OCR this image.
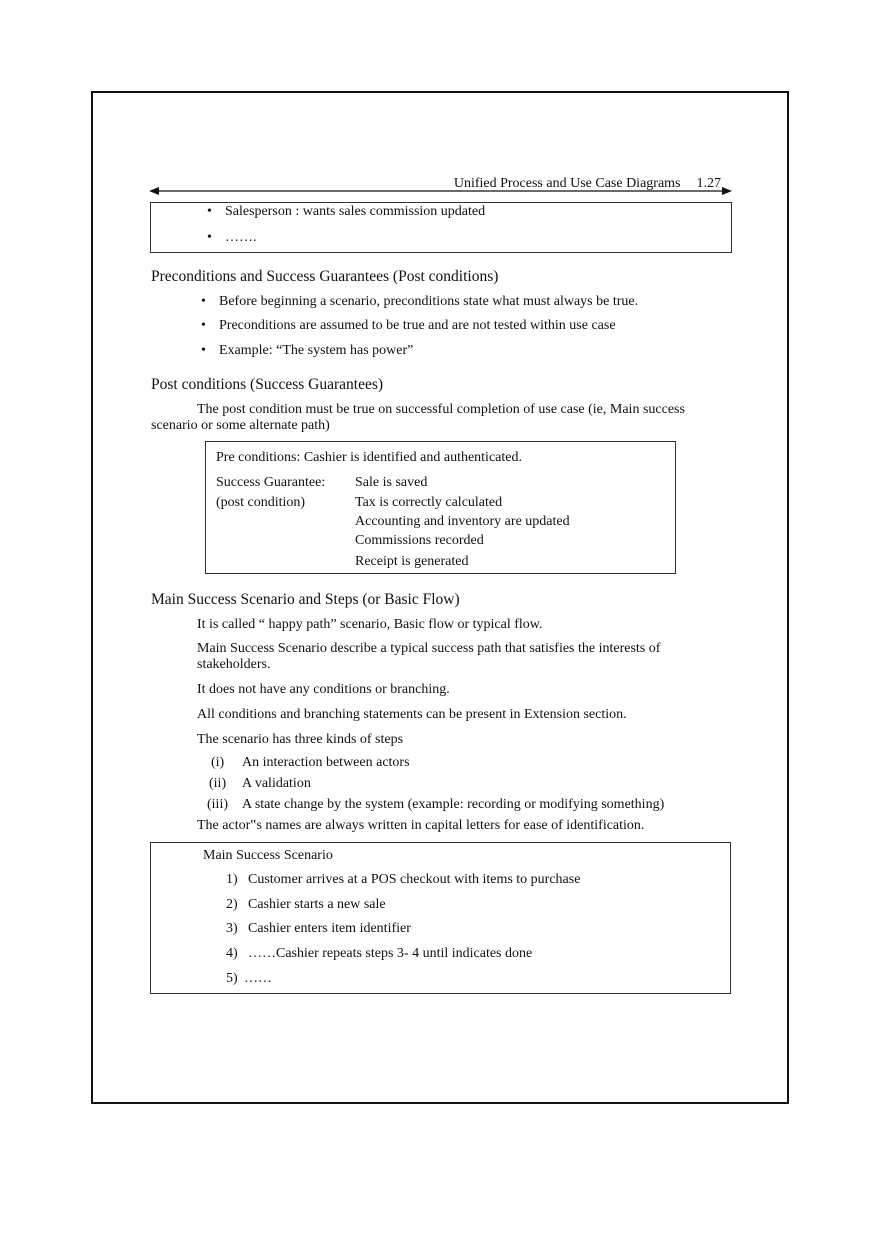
Unified Process and Use Case Diagrams 1.27
• Salesperson : wants sales commission updated
• …….
Preconditions and Success Guarantees (Post conditions)
• Before beginning a scenario, preconditions state what must always be true.
• Preconditions are assumed to be true and are not tested within use case
• Example: “The system has power”
Post conditions (Success Guarantees)
The post condition must be true on successful completion of use case (ie, Main success
scenario or some alternate path)
Pre conditions: Cashier is identified and authenticated.
Success Guarantee:
(post condition)
Sale is saved
Tax is correctly calculated
Accounting and inventory are updated
Commissions recorded
Receipt is generated
Main Success Scenario and Steps (or Basic Flow)
It is called “ happy path” scenario, Basic flow or typical flow.
Main Success Scenario describe a typical success path that satisfies the interests of
stakeholders.
It does not have any conditions or branching.
All conditions and branching statements can be present in Extension section.
The scenario has three kinds of steps
(i) An interaction between actors
(ii) A validation
(iii) A state change by the system (example: recording or modifying something)
The actor‟s names are always written in capital letters for ease of identification.
Main Success Scenario
1) Customer arrives at a POS checkout with items to purchase
2) Cashier starts a new sale
3) Cashier enters item identifier
4) ……Cashier repeats steps 3- 4 until indicates done
5) ……
